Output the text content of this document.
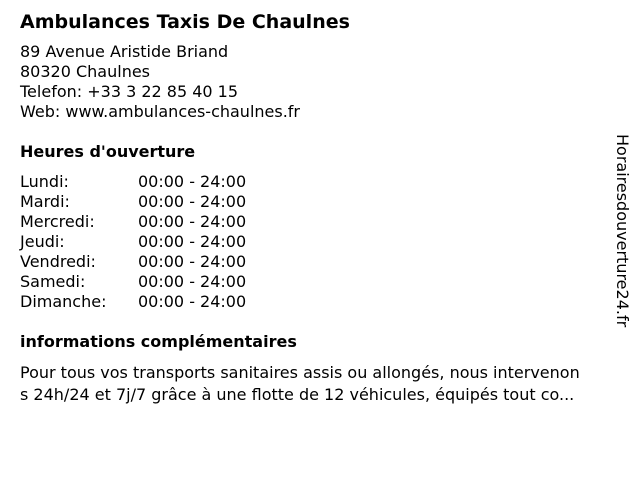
Ambulances Taxis De Chaulnes
89 Avenue Aristide Briand
80320 Chaulnes
Telefon: +33 3 22 85 40 15
Web: www.ambulances-chaulnes.fr
Heures d'ouverture
Lundi:	00:00 - 24:00
Mardi:	00:00 - 24:00
Mercredi:	00:00 - 24:00
Jeudi:	00:00 - 24:00
Vendredi:	00:00 - 24:00
Samedi:	00:00 - 24:00
Dimanche:	00:00 - 24:00
informations complémentaires
Pour tous vos transports sanitaires assis ou allongés, nous intervenon
s 24h/24 et 7j/7 grâce à une flotte de 12 véhicules, équipés tout co...
Horairesdouverture24.fr
